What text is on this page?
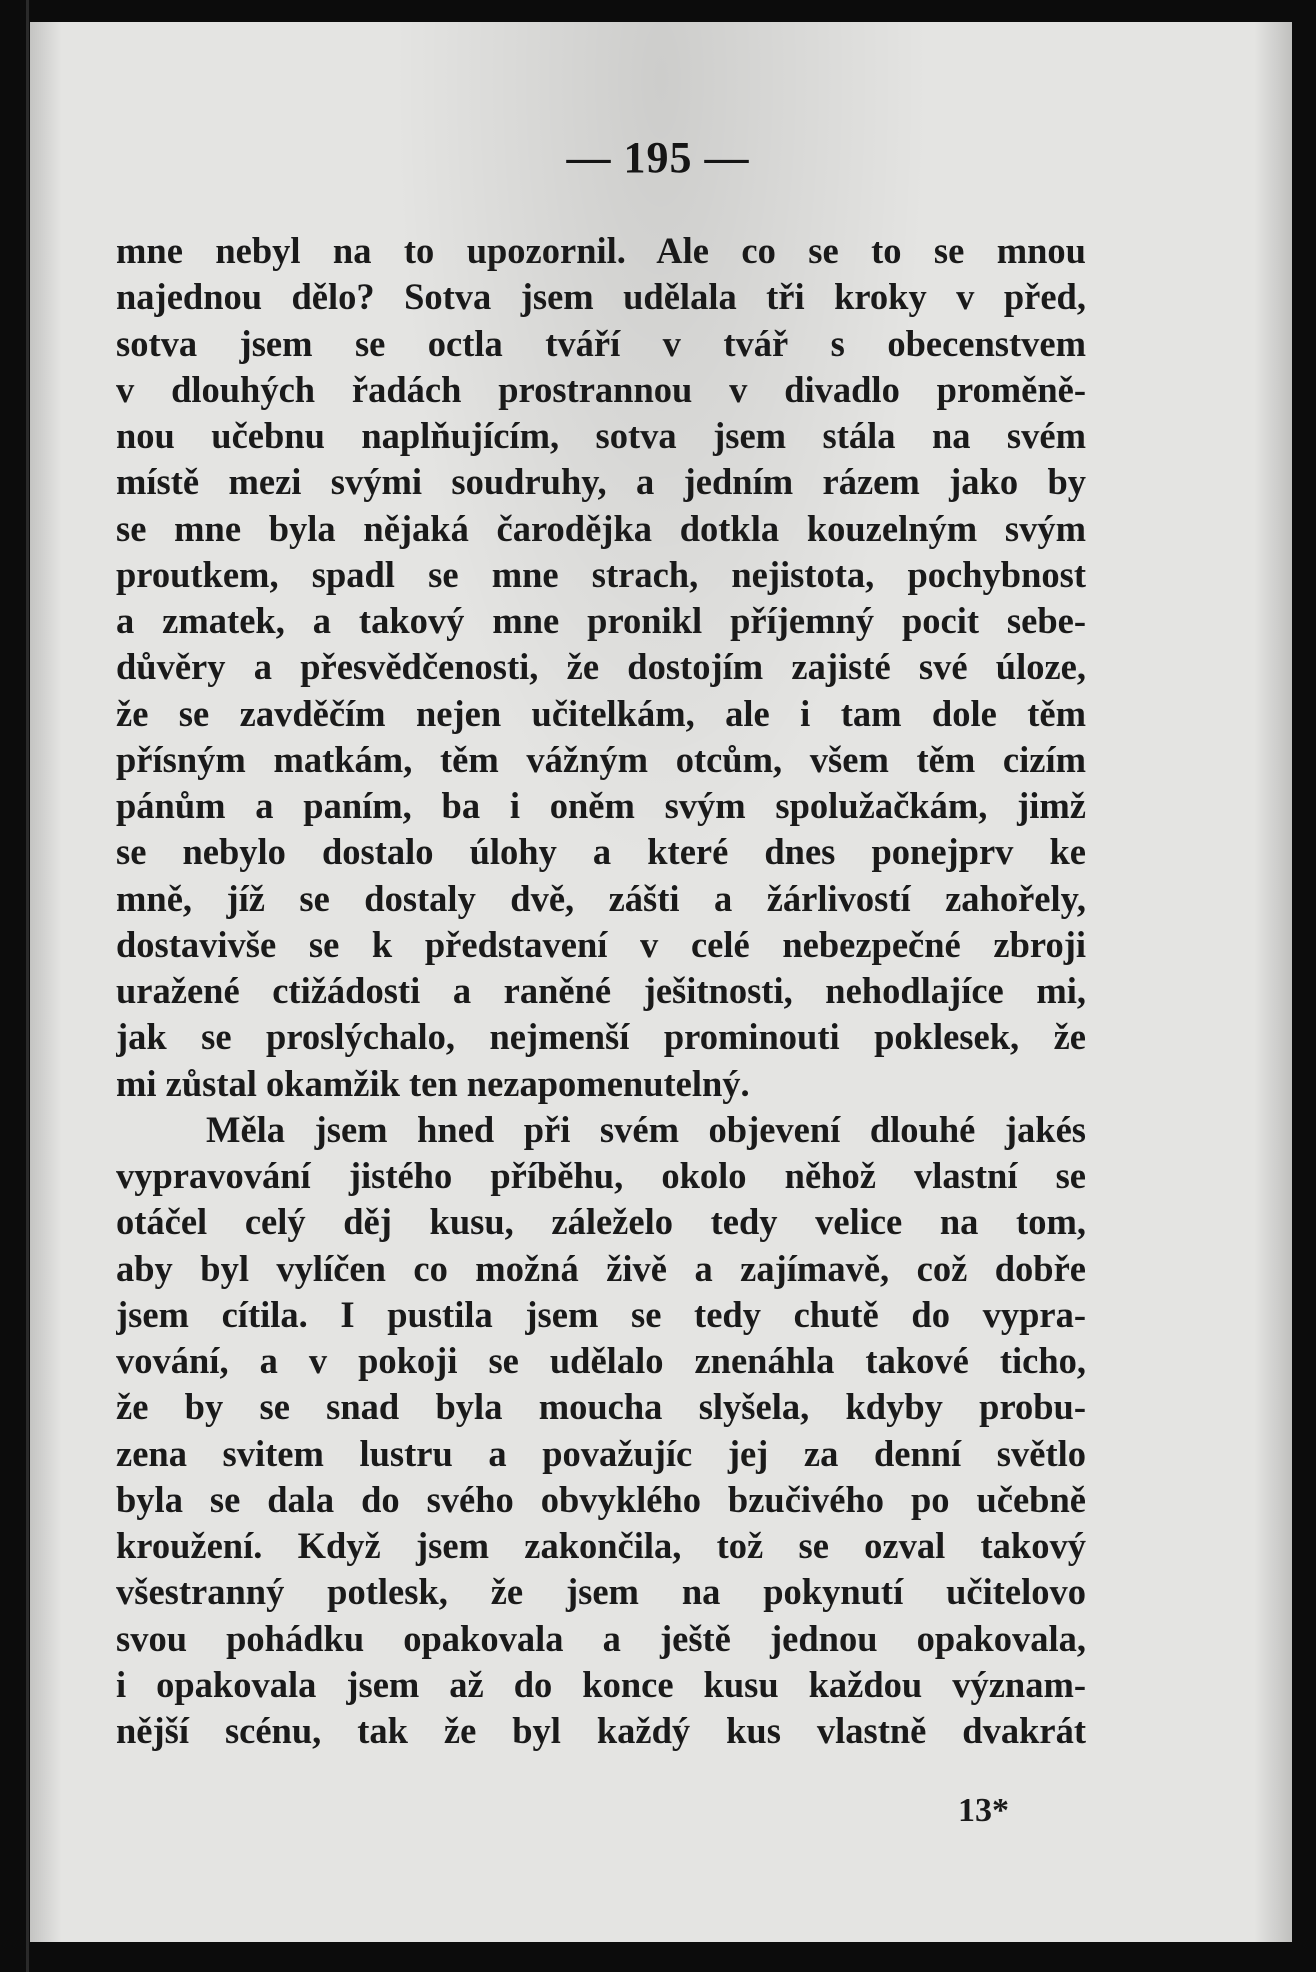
— 195 —
mne nebyl na to upozornil. Ale co se to se mnou
najednou dělo? Sotva jsem udělala tři kroky v před,
sotva jsem se octla tváří v tvář s obecenstvem
v dlouhých řadách prostrannou v divadlo proměně-
nou učebnu naplňujícím, sotva jsem stála na svém
místě mezi svými soudruhy, a jedním rázem jako by
se mne byla nějaká čarodějka dotkla kouzelným svým
proutkem, spadl se mne strach, nejistota, pochybnost
a zmatek, a takový mne pronikl příjemný pocit sebe-
důvěry a přesvědčenosti, že dostojím zajisté své úloze,
že se zavděčím nejen učitelkám, ale i tam dole těm
přísným matkám, těm vážným otcům, všem těm cizím
pánům a paním, ba i oněm svým spolužačkám, jimž
se nebylo dostalo úlohy a které dnes ponejprv ke
mně, jíž se dostaly dvě, zášti a žárlivostí zahořely,
dostavivše se k představení v celé nebezpečné zbroji
uražené ctižádosti a raněné ješitnosti, nehodlajíce mi,
jak se proslýchalo, nejmenší prominouti poklesek, že
mi zůstal okamžik ten nezapomenutelný.
Měla jsem hned při svém objevení dlouhé jakés
vypravování jistého příběhu, okolo něhož vlastní se
otáčel celý děj kusu, záleželo tedy velice na tom,
aby byl vylíčen co možná živě a zajímavě, což dobře
jsem cítila. I pustila jsem se tedy chutě do vypra-
vování, a v pokoji se udělalo znenáhla takové ticho,
že by se snad byla moucha slyšela, kdyby probu-
zena svitem lustru a považujíc jej za denní světlo
byla se dala do svého obvyklého bzučivého po učebně
kroužení. Když jsem zakončila, tož se ozval takový
všestranný potlesk, že jsem na pokynutí učitelovo
svou pohádku opakovala a ještě jednou opakovala,
i opakovala jsem až do konce kusu každou význam-
nější scénu, tak že byl každý kus vlastně dvakrát
13*
